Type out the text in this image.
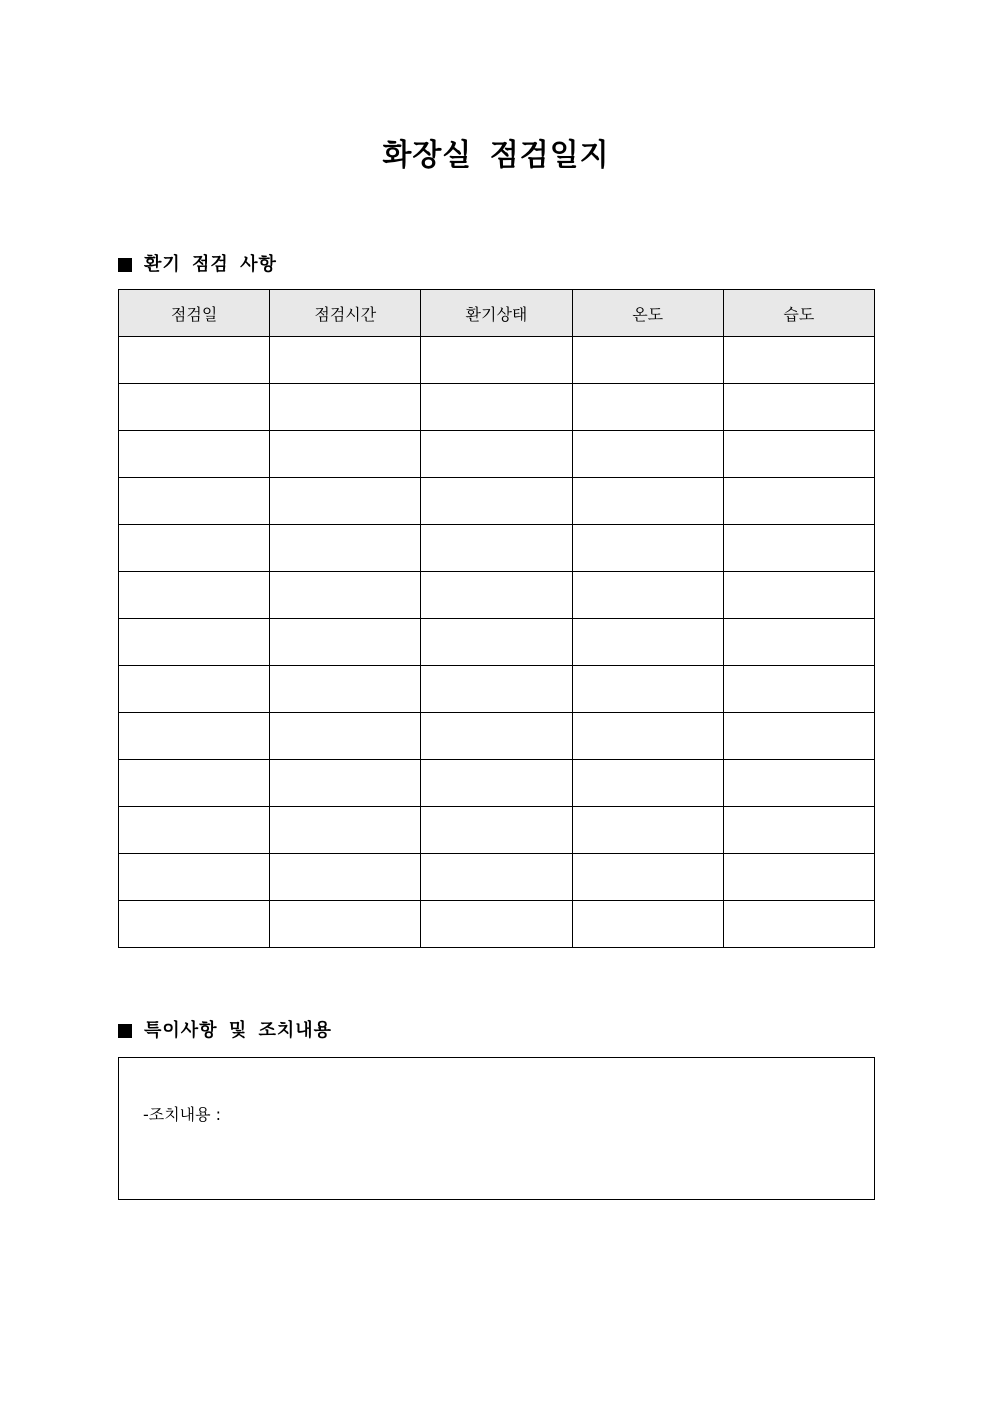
화장실 점검일지
환기 점검 사항
점검일	점검시간	환기상태	온도	습도

특이사항 및 조치내용
-조치내용 :
